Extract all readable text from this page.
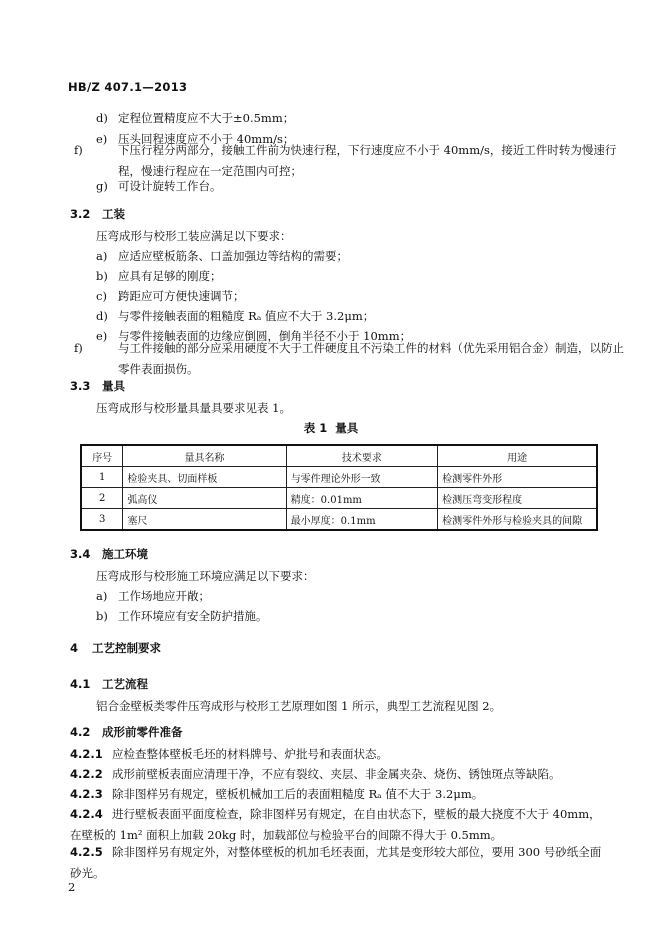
HB/Z 407.1—2013
d) 定程位置精度应不大于±0.5mm；
e) 压头回程速度应不小于 40mm/s；
f)	下压行程分两部分，接触工件前为快速行程，下行速度应不小于 40mm/s，接近工件时转为慢速行程，慢速行程应在一定范围内可控；
g) 可设计旋转工作台。
3.2 工装
压弯成形与校形工装应满足以下要求：
a) 应适应壁板筋条、口盖加强边等结构的需要；
b) 应具有足够的刚度；
c) 跨距应可方便快速调节；
d) 与零件接触表面的粗糙度 Rₐ 值应不大于 3.2μm；
e) 与零件接触表面的边缘应倒圆，倒角半径不小于 10mm；
f)	与工件接触的部分应采用硬度不大于工件硬度且不污染工件的材料（优先采用铝合金）制造，以防止零件表面损伤。
3.3 量具
压弯成形与校形量具量具要求见表 1。
表 1 量具
序号	量具名称	技术要求	用途
1	检验夹具、切面样板	与零件理论外形一致	检测零件外形
2	弧高仪	精度：0.01mm	检测压弯变形程度
3	塞尺	最小厚度：0.1mm	检测零件外形与检验夹具的间隙
3.4 施工环境
压弯成形与校形施工环境应满足以下要求：
a) 工作场地应开敞；
b) 工作环境应有安全防护措施。
4 工艺控制要求
4.1 工艺流程
铝合金壁板类零件压弯成形与校形工艺原理如图 1 所示，典型工艺流程见图 2。
4.2 成形前零件准备
4.2.1 应检查整体壁板毛坯的材料牌号、炉批号和表面状态。
4.2.2 成形前壁板表面应清理干净，不应有裂纹、夹层、非金属夹杂、烧伤、锈蚀斑点等缺陷。
4.2.3 除非图样另有规定，壁板机械加工后的表面粗糙度 Rₐ 值不大于 3.2μm。
4.2.4 进行壁板表面平面度检查，除非图样另有规定，在自由状态下，壁板的最大挠度不大于 40mm，在壁板的 1m² 面积上加载 20kg 时，加载部位与检验平台的间隙不得大于 0.5mm。
4.2.5 除非图样另有规定外，对整体壁板的机加毛坯表面，尤其是变形较大部位，要用 300 号砂纸全面砂光。
2
